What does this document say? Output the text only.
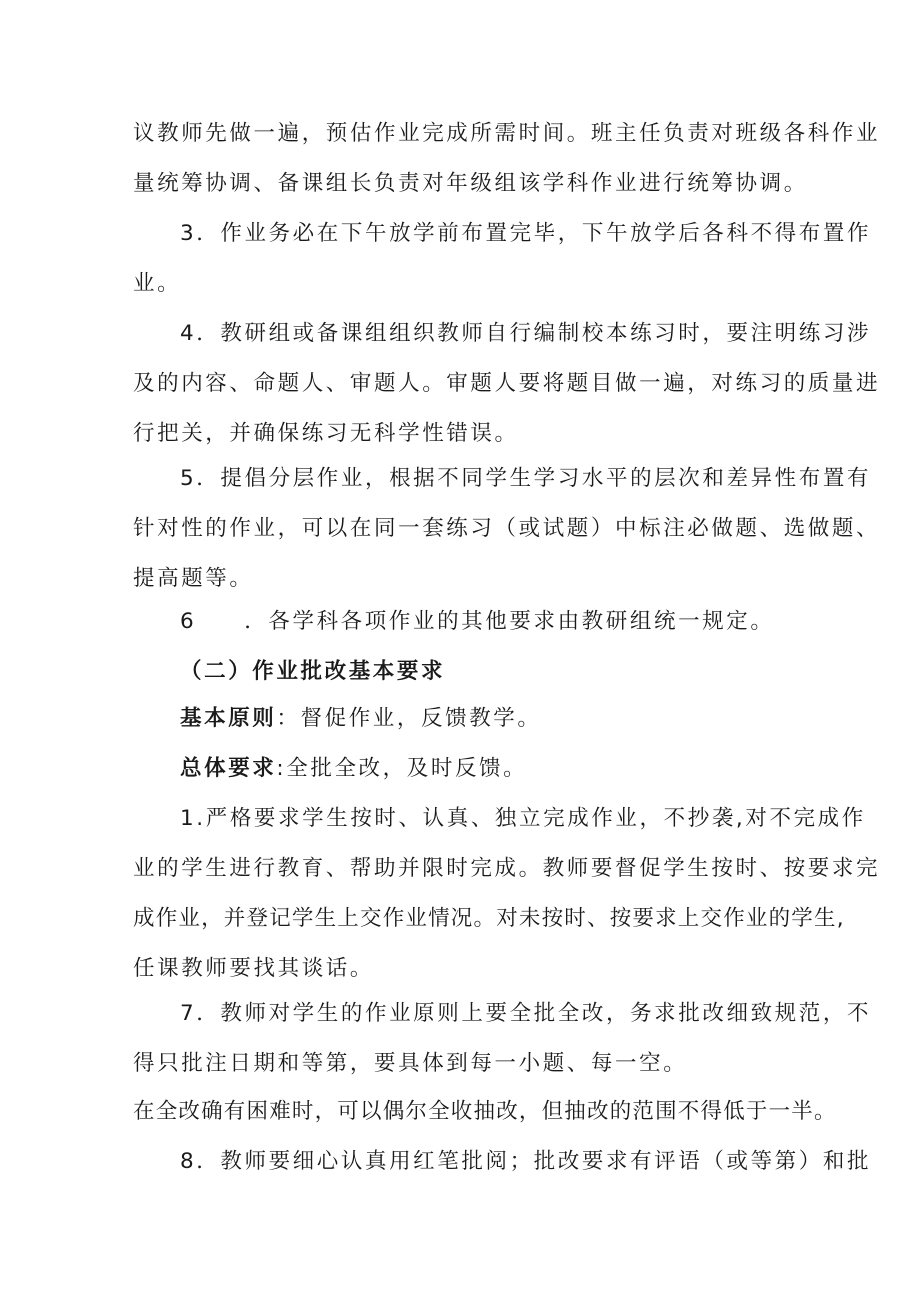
议教师先做一遍，预估作业完成所需时间。班主任负责对班级各科作业
量统筹协调、备课组长负责对年级组该学科作业进行统筹协调。
3．作业务必在下午放学前布置完毕，下午放学后各科不得布置作
业。
4．教研组或备课组组织教师自行编制校本练习时，要注明练习涉
及的内容、命题人、审题人。审题人要将题目做一遍，对练习的质量进
行把关，并确保练习无科学性错误。
5．提倡分层作业，根据不同学生学习水平的层次和差异性布置有
针对性的作业，可以在同一套练习（或试题）中标注必做题、选做题、
提高题等。
6 ．各学科各项作业的其他要求由教研组统一规定。
（二）作业批改基本要求
基本原则：督促作业，反馈教学。
总体要求:全批全改，及时反馈。
1.严格要求学生按时、认真、独立完成作业，不抄袭,对不完成作
业的学生进行教育、帮助并限时完成。教师要督促学生按时、按要求完
成作业，并登记学生上交作业情况。对未按时、按要求上交作业的学生,
任课教师要找其谈话。
7．教师对学生的作业原则上要全批全改，务求批改细致规范，不
得只批注日期和等第，要具体到每一小题、每一空。
在全改确有困难时，可以偶尔全收抽改，但抽改的范围不得低于一半。
8．教师要细心认真用红笔批阅；批改要求有评语（或等第）和批
